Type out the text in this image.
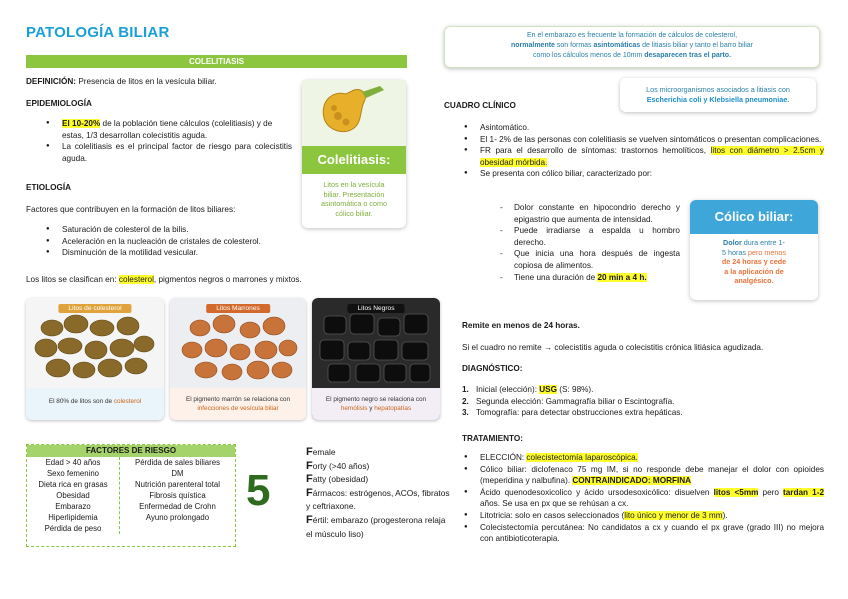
PATOLOGÍA BILIAR
COLELITIASIS
DEFINICIÓN: Presencia de litos en la vesícula biliar.
EPIDEMIOLOGÍA
● El 10-20% de la población tiene cálculos (colelitiasis) y de estas, 1/3 desarrollan colecistitis aguda.
● La colelitiasis es el principal factor de riesgo para colecistitis aguda.
ETIOLOGÍA
Factores que contribuyen en la formación de litos biliares:
● Saturación de colesterol de la bilis.
● Aceleración en la nucleación de cristales de colesterol.
● Disminución de la motilidad vesicular.
Los litos se clasifican en: colesterol, pigmentos negros o marrones y mixtos.
Colelitiasis:
Litos en la vesícula
biliar. Presentación
asintomática o como
cólico biliar.
Litos de colesterol
El 80% de litos son de colesterol
Litos Marrones
El pigmento marrón se relaciona con infecciones de vesícula biliar
Litos Negros
El pigmento negro se relaciona con hemólisis y hepatopatías
FACTORES DE RIESGO
Edad > 40 años
Sexo femenino
Dieta rica en grasas
Obesidad
Embarazo
Hiperlipidemia
Pérdida de peso
Pérdida de sales biliares
DM
Nutrición parenteral total
Fibrosis quística
Enfermedad de Crohn
Ayuno prolongado
5
Female
Forty (>40 años)
Fatty (obesidad)
Fármacos: estrógenos, ACOs, fibratos y ceftriaxone.
Fértil: embarazo (progesterona relaja el músculo liso)
En el embarazo es frecuente la formación de cálculos de colesterol,
normalmente son formas asintomáticas de litiasis biliar y tanto el barro biliar
como los cálculos menos de 10mm desaparecen tras el parto.
Los microorganismos asociados a litiasis con
Escherichia coli y Klebsiella pneumoniae.
CUADRO CLÍNICO
● Asintomático.
● El 1- 2% de las personas con colelitiasis se vuelven sintomáticos o presentan complicaciones.
● FR para el desarrollo de síntomas: trastornos hemolíticos, litos con diámetro > 2.5cm y obesidad mórbida.
● Se presenta con cólico biliar, caracterizado por:
- Dolor constante en hipocondrio derecho y epigastrio que aumenta de intensidad.
- Puede irradiarse a espalda u hombro derecho.
- Que inicia una hora después de ingesta copiosa de alimentos.
- Tiene una duración de 20 min a 4 h.
Cólico biliar:
Dolor dura entre 1-
5 horas pero menos
de 24 horas y cede
a la aplicación de
analgésico.
Remite en menos de 24 horas.
Si el cuadro no remite → colecistitis aguda o colecistitis crónica litiásica agudizada.
DIAGNÓSTICO:
1. Inicial (elección): USG (S: 98%).
2. Segunda elección: Gammagrafía biliar o Escintografía.
3. Tomografía: para detectar obstrucciones extra hepáticas.
TRATAMIENTO:
● ELECCIÓN: colecistectomía laparoscópica.
● Cólico biliar: diclofenaco 75 mg IM, si no responde debe manejar el dolor con opioides (meperidina y nalbufina). CONTRAINDICADO: MORFINA
● Ácido quenodesoxicolico y ácido ursodesoxicólico: disuelven litos <5mm pero tardan 1-2 años. Se usa en px que se rehúsan a cx.
● Litotricia: solo en casos seleccionados (lito único y menor de 3 mm).
● Colecistectomía percutánea: No candidatos a cx y cuando el px grave (grado III) no mejora con antibioticoterapia.
